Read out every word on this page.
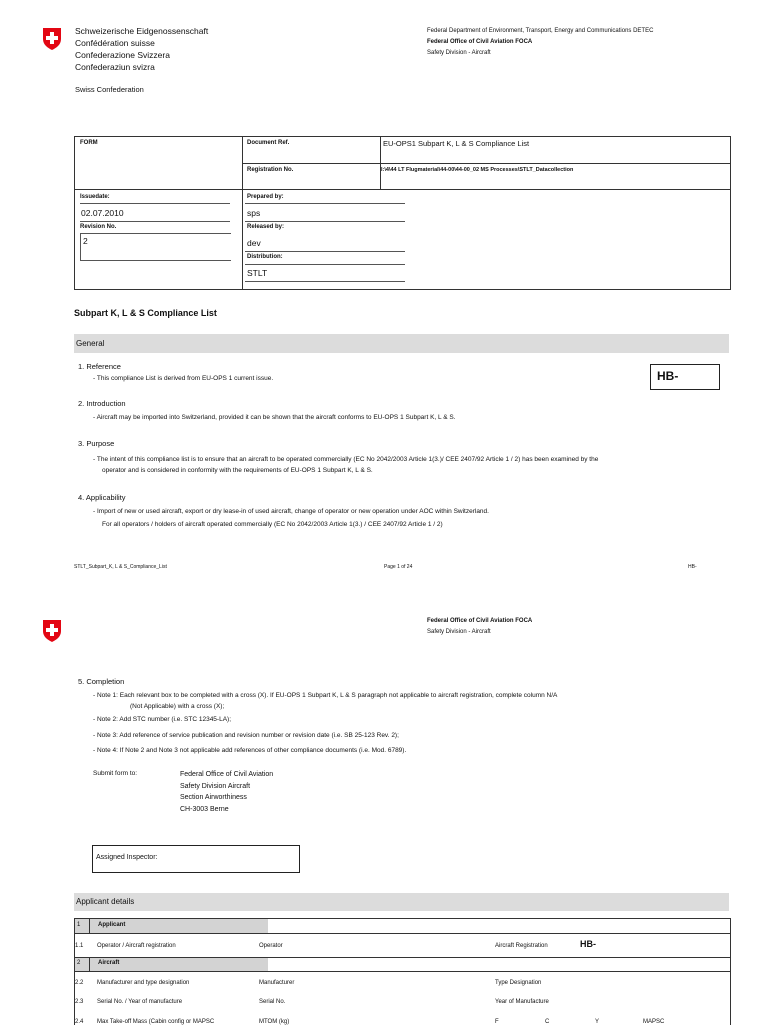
Schweizerische Eidgenossenschaft
Confédération suisse
Confederazione Svizzera
Confederaziun svizra
Swiss Confederation
Federal Department of Environment, Transport, Energy and Communications DETEC
Federal Office of Civil Aviation FOCA
Safety Division - Aircraft
FORM	Document Ref.	EU-OPS1 Subpart K, L & S Compliance List
Registration No.	I:\4\44 LT Flugmaterial\44-00\44-00_02 MS Processes\STLT_Datacollection
Issuedate:
02.07.2010
Revision No.
2
Prepared by:
sps
Released by:
dev
Distribution:
STLT
Subpart K, L & S Compliance List
General
HB-
1. Reference
- This compliance List is derived from EU-OPS 1 current issue.
2. Introduction
- Aircraft may be imported into Switzerland, provided it can be shown that the aircraft conforms to EU-OPS 1 Subpart K, L & S.
3. Purpose
- The intent of this compliance list is to ensure that an aircraft to be operated commercially (EC No 2042/2003 Article 1(3.)/ CEE 2407/92 Article 1 / 2) has been examined by the
operator and is considered in conformity with the requirements of EU-OPS 1 Subpart K, L & S.
4. Applicability
- Import of new or used aircraft, export or dry lease-in of used aircraft, change of operator or new operation under AOC within Switzerland.
For all operators / holders of aircraft operated commercially (EC No 2042/2003 Article 1(3.) / CEE 2407/92 Article 1 / 2)
STLT_Subpart_K, L & S_Compliance_List	Page 1 of 24	HB-
Federal Office of Civil Aviation FOCA
Safety Division - Aircraft
5. Completion
- Note 1: Each relevant box to be completed with a cross (X). If EU-OPS 1 Subpart K, L & S paragraph not applicable to aircraft registration, complete column N/A
(Not Applicable) with a cross (X);
- Note 2: Add STC number (i.e. STC 12345-LA);
- Note 3: Add reference of service publication and revision number or revision date (i.e. SB 25-123 Rev. 2);
- Note 4: If Note 2 and Note 3 not applicable add references of other compliance documents (i.e. Mod. 6789).
Submit form to:	Federal Office of Civil Aviation
Safety Division Aircraft
Section Airworthiness
CH-3003 Berne
Assigned Inspector:
Applicant details
1	Applicant
1.1 Operator / Aircraft registration	Operator	Aircraft Registration	HB-
2	Aircraft
2.2 Manufacturer and type designation	Manufacturer	Type Designation
2.3 Serial No. / Year of manufacture	Serial No.	Year of Manufacture
2.4 Max Take-off Mass (Cabin config or MAPSC	MTOM (kg)	F	C	Y	MAPSC
